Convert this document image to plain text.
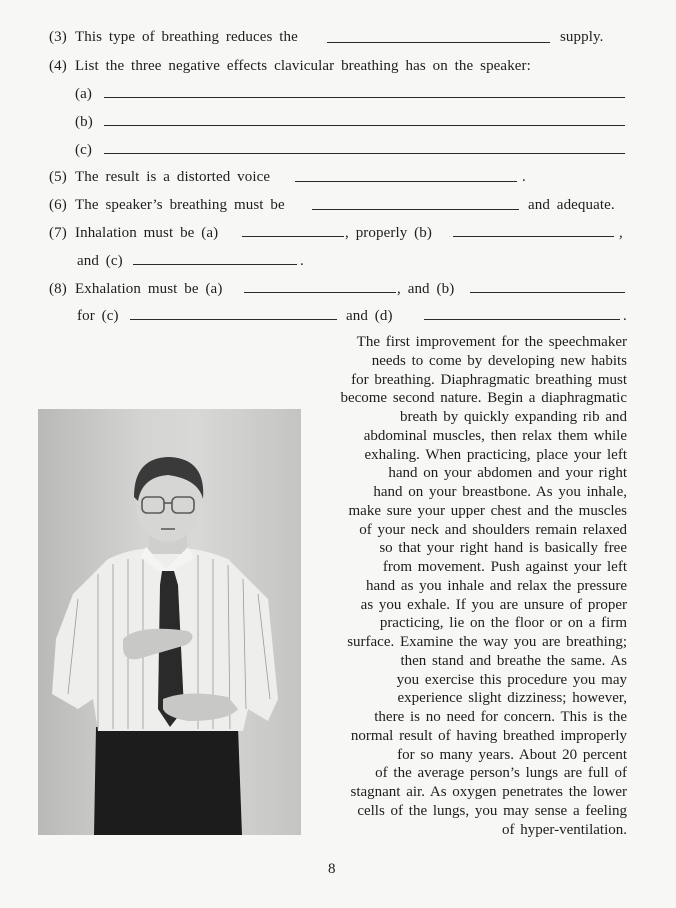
(3) This type of breathing reduces the	supply.
(4) List the three negative effects clavicular breathing has on the speaker:
(a)
(b)
(c)
(5) The result is a distorted voice	.
(6) The speaker’s breathing must be	and adequate.
(7) Inhalation must be (a)	, properly (b)	,
and (c)	.
(8) Exhalation must be (a)	, and (b)
for (c)	and (d)	.
The first improvement for the speechmaker
needs to come by developing new habits
for breathing. Diaphragmatic breathing must
become second nature. Begin a diaphragmatic
breath by quickly expanding rib and
abdominal muscles, then relax them while
exhaling. When practicing, place your left
hand on your abdomen and your right
hand on your breastbone. As you inhale,
make sure your upper chest and the muscles
of your neck and shoulders remain relaxed
so that your right hand is basically free
from movement. Push against your left
hand as you inhale and relax the pressure
as you exhale. If you are unsure of proper
practicing, lie on the floor or on a firm
surface. Examine the way you are breathing;
then stand and breathe the same. As
you exercise this procedure you may
experience slight dizziness; however,
there is no need for concern. This is the
normal result of having breathed improperly
for so many years. About 20 percent
of the average person’s lungs are full of
stagnant air. As oxygen penetrates the lower
cells of the lungs, you may sense a feeling
of hyper-ventilation.
8
